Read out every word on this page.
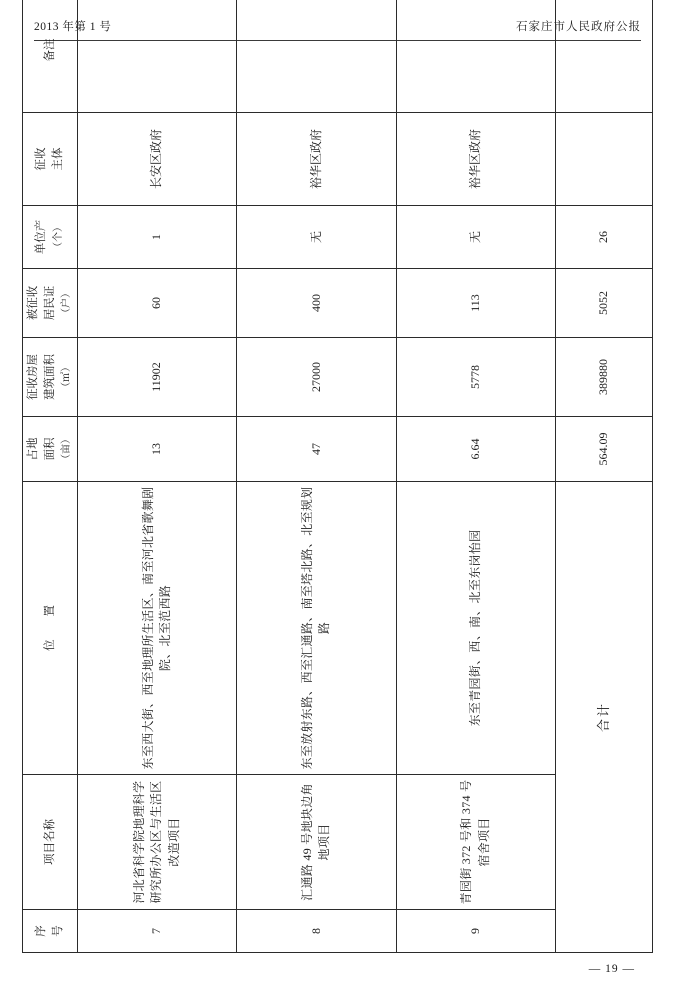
2013 年第 1 号	石家庄市人民政府公报
序 号	项目名称	位　　置	占地 面积 （亩）	征收房屋 建筑面积 （㎡）	被征收 居民证 （户）	单位产 （个）	征收 主体	备注
7	河北省科学院地理科学研究所办公区与生活区改造项目	东至西大街、西至地理所生活区、南至河北省歌舞剧院、北至范西路	13	11902	60	1	长安区政府	
8	汇通路 49 号地块边角地项目	东至放射东路、西至汇通路、南至塔北路、北至规划路	47	27000	400	无	裕华区政府	
9	青园街 372 号和 374 号宿舍项目	东至青园街、西、南、北至东岗怡园	6.64	5778	113	无	裕华区政府	
合计			564.09	389880	5052	26		
— 19 —
